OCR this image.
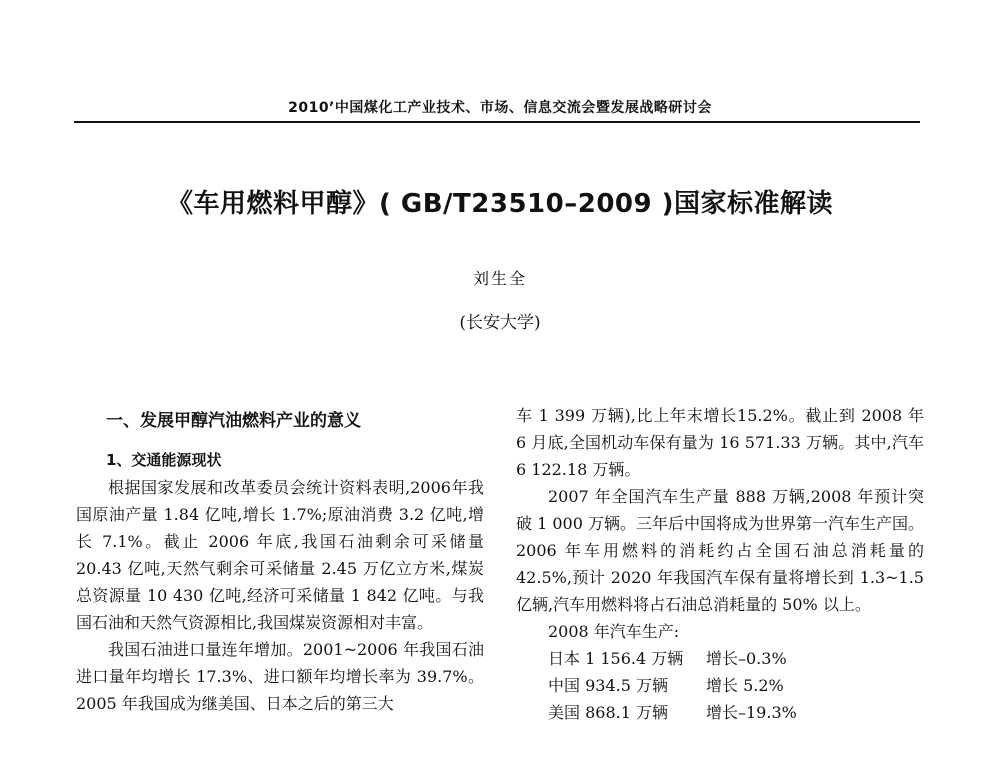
2010’中国煤化工产业技术、市场、信息交流会暨发展战略研讨会
《车用燃料甲醇》( GB/T23510–2009 )国家标准解读
刘生全
(长安大学)

一、发展甲醇汽油燃料产业的意义

1、交通能源现状

根据国家发展和改革委员会统计资料表明,2006年我国原油产量 1.84 亿吨,增长 1.7%;原油消费 3.2 亿吨,增长 7.1%。截止 2006 年底,我国石油剩余可采储量 20.43 亿吨,天然气剩余可采储量 2.45 万亿立方米,煤炭总资源量 10 430 亿吨,经济可采储量 1 842 亿吨。与我国石油和天然气资源相比,我国煤炭资源相对丰富。

我国石油进口量连年增加。2001~2006 年我国石油进口量年均增长 17.3%、进口额年均增长率为 39.7%。2005 年我国成为继美国、日本之后的第三大

车 1 399 万辆),比上年末增长15.2%。截止到 2008 年 6 月底,全国机动车保有量为 16 571.33 万辆。其中,汽车 6 122.18 万辆。

2007 年全国汽车生产量 888 万辆,2008 年预计突破 1 000 万辆。三年后中国将成为世界第一汽车生产国。2006 年车用燃料的消耗约占全国石油总消耗量的 42.5%,预计 2020 年我国汽车保有量将增长到 1.3~1.5 亿辆,汽车用燃料将占石油总消耗量的 50% 以上。

2008 年汽车生产:

日本 1 156.4 万辆	增长–0.3%
中国 934.5 万辆	增长 5.2%
美国 868.1 万辆	增长–19.3%
